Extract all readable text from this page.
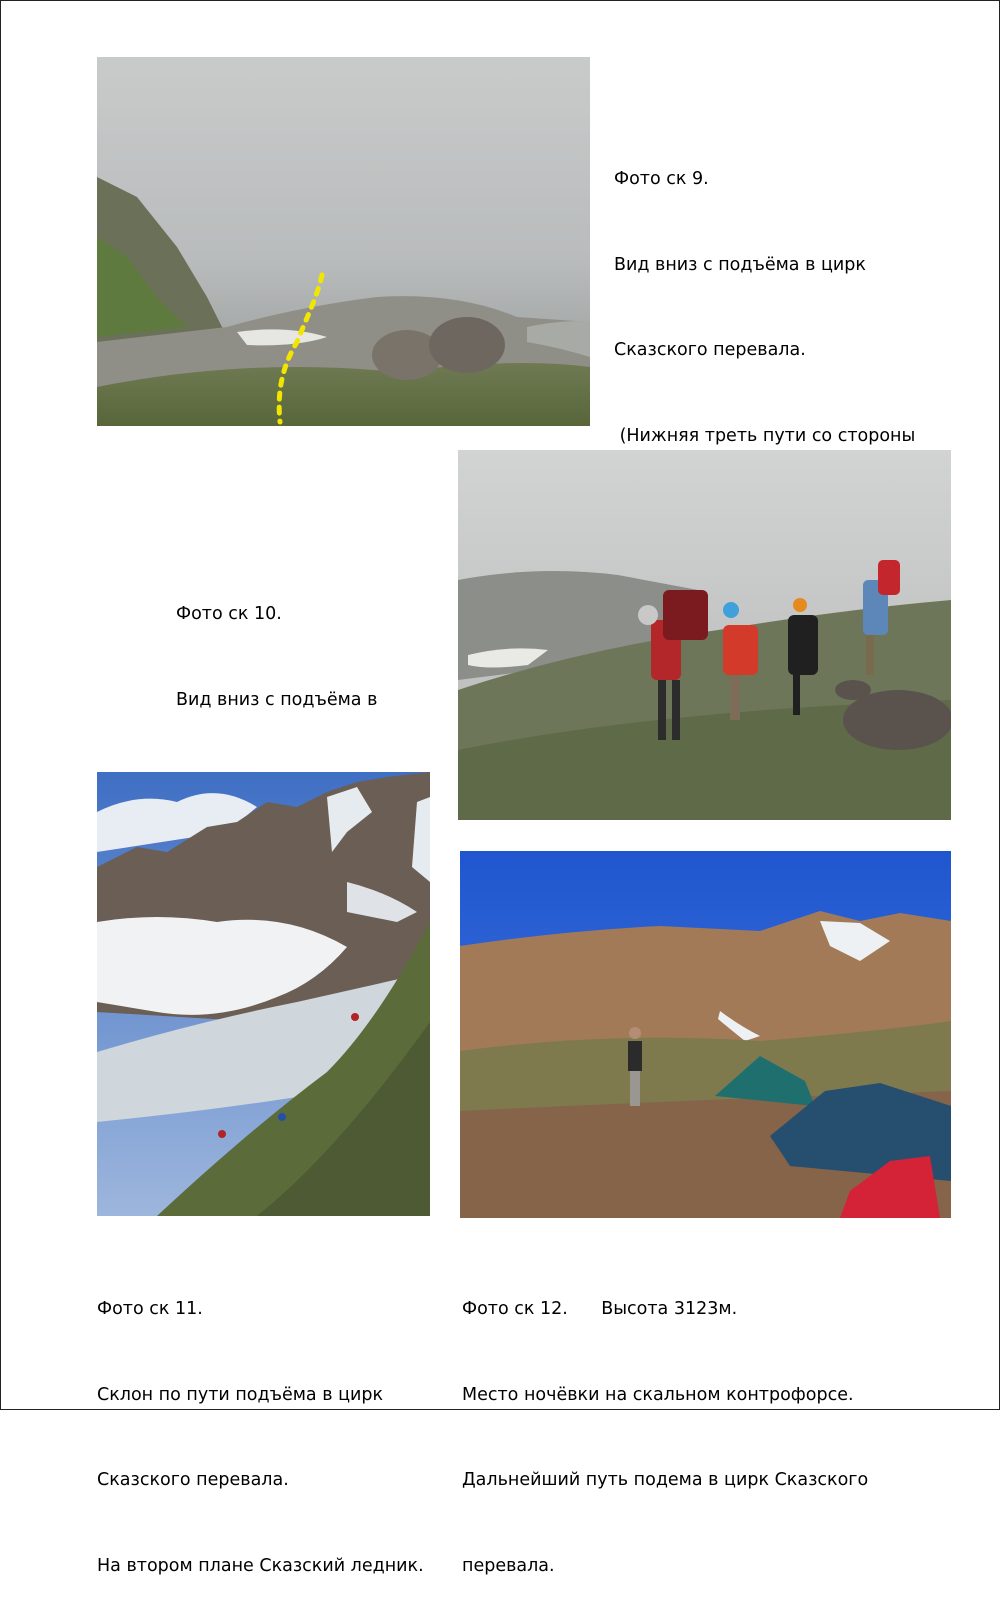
Фото ск 9.

Вид вниз с подъёма в цирк

Сказского перевала.

(Нижняя треть пути со стороны

Фото ск 10.

Вид вниз с подъёма в

Фото ск 11.

Склон по пути подъёма в цирк

Сказского перевала.

На втором плане Сказский ледник.

Фото ск 12.      Высота 3123м.

Место ночёвки на скальном контрофорсе.

Дальнейший путь подема в цирк Сказского

перевала.
